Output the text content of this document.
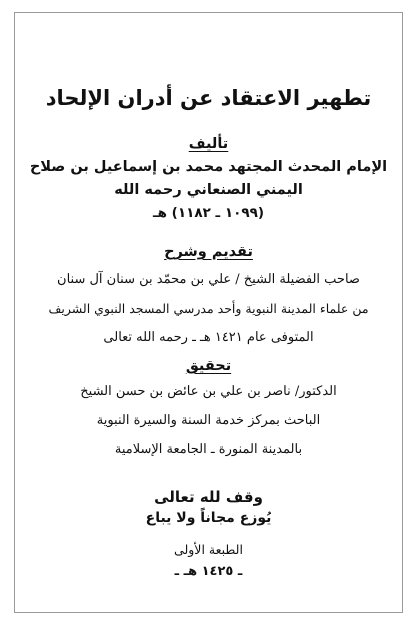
تطهير الاعتقاد عن أدران الإلحاد
تأليف
الإمام المحدث المجتهد محمد بن إسماعيل بن صلاح
اليمني الصنعاني رحمه الله
(١٠٩٩ ـ ١١٨٢) هـ
تقديم وشرح
صاحب الفضيلة الشيخ / علي بن محمّد بن سنان آل سنان
من علماء المدينة النبوية وأحد مدرسي المسجد النبوي الشريف
المتوفى عام ١٤٢١ هـ ـ رحمه الله تعالى
تحقيق
الدكتور/ ناصر بن علي بن عائض بن حسن الشيخ
الباحث بمركز خدمة السنة والسيرة النبوية
بالمدينة المنورة ـ الجامعة الإسلامية
وقف لله تعالى
يُوزع مجاناً ولا يباع
الطبعة الأولى
ـ ١٤٢٥ هـ ـ
